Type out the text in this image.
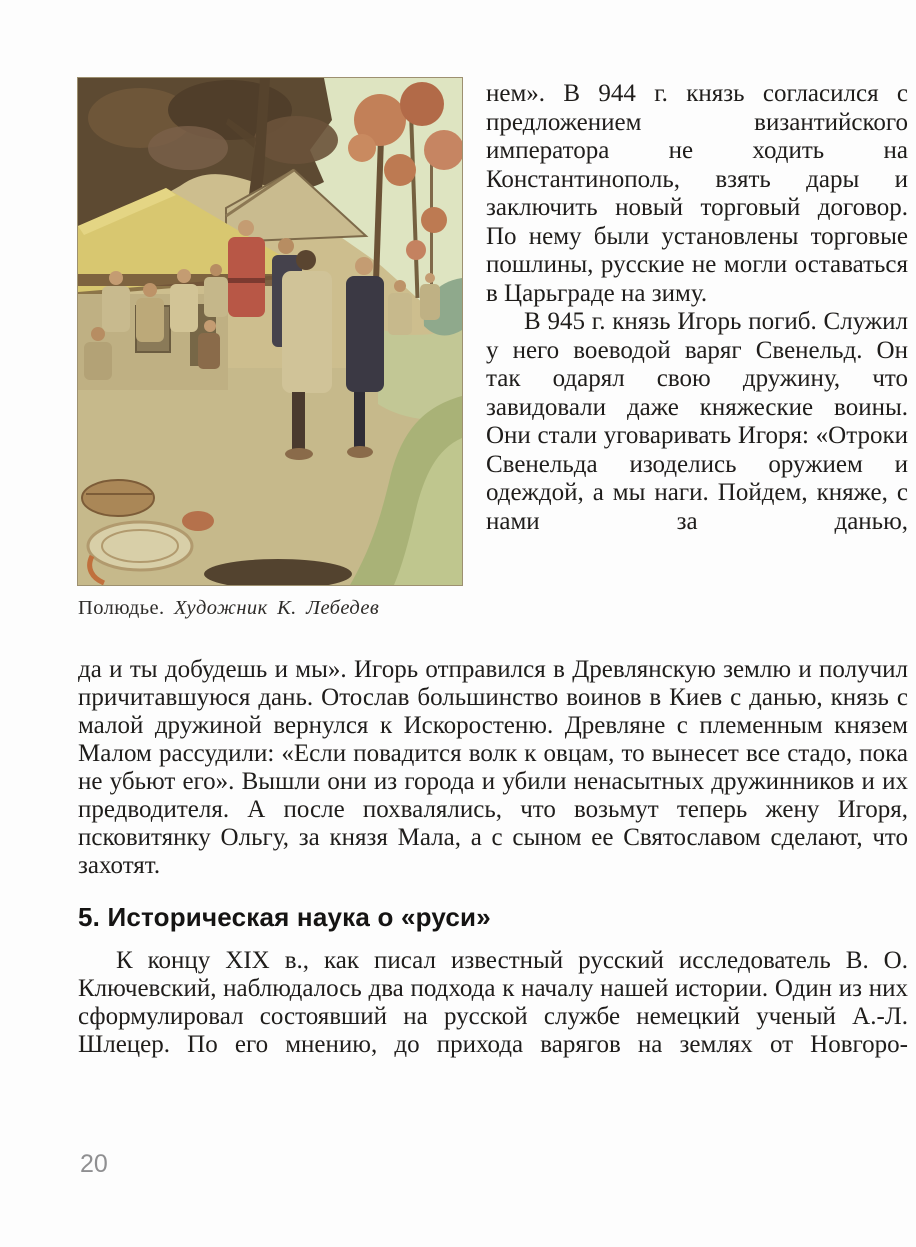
Полюдье. Художник К. Лебедев

нем». В 944 г. князь согласился с предложением византийского императора не ходить на Константинополь, взять дары и заключить новый торговый договор. По нему были установлены торговые пошлины, русские не могли оставаться в Царьграде на зиму.

В 945 г. князь Игорь погиб. Служил у него воеводой варяг Свенельд. Он так одарял свою дружину, что завидовали даже княжеские воины. Они стали уговаривать Игоря: «Отроки Свенельда изоделись оружием и одеждой, а мы наги. Пойдем, княже, с нами за данью,

да и ты добудешь и мы». Игорь отправился в Древлянскую землю и получил причитавшуюся дань. Отослав большинство воинов в Киев с данью, князь с малой дружиной вернулся к Искоростеню. Древляне с племенным князем Малом рассудили: «Если повадится волк к овцам, то вынесет все стадо, пока не убьют его». Вышли они из города и убили ненасытных дружинников и их предводителя. А после похвалялись, что возьмут теперь жену Игоря, псковитянку Ольгу, за князя Мала, а с сыном ее Святославом сделают, что захотят.

5. Историческая наука о «руси»

К концу XIX в., как писал известный русский исследователь В. О. Ключевский, наблюдалось два подхода к началу нашей истории. Один из них сформулировал состоявший на русской службе немецкий ученый А.-Л. Шлецер. По его мнению, до прихода варягов на землях от Новгоро-

20
